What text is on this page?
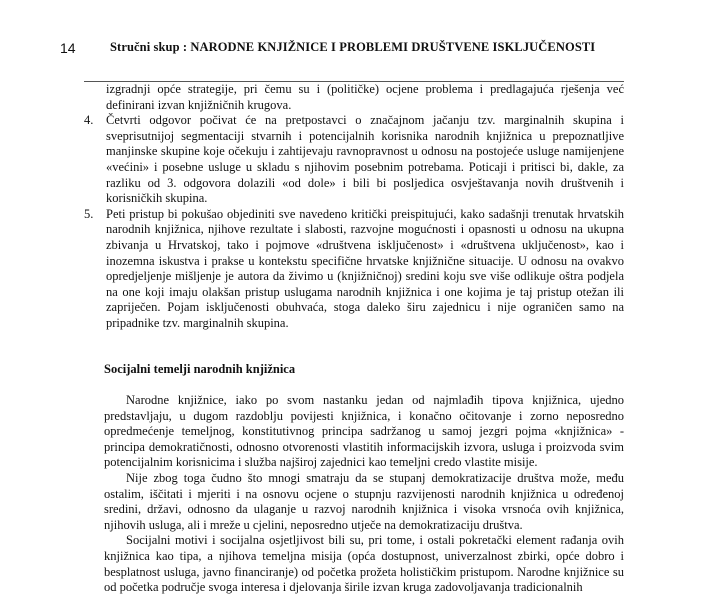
14	Stručni skup : NARODNE KNJIŽNICE I PROBLEMI DRUŠTVENE ISKLJUČENOSTI

izgradnji opće strategije, pri čemu su i (političke) ocjene problema i predlagajuća rješenja već definirani izvan knjižničnih krugova.

4.	Četvrti odgovor počivat će na pretpostavci o značajnom jačanju tzv. marginalnih skupina i sveprisutnijoj segmentaciji stvarnih i potencijalnih korisnika narodnih knjižnica u prepoznatljive manjinske skupine koje očekuju i zahtijevaju ravnopravnost u odnosu na postojeće usluge namijenjene «većini» i posebne usluge u skladu s njihovim posebnim potrebama. Poticaji i pritisci bi, dakle, za razliku od 3. odgovora dolazili «od dole» i bili bi posljedica osvještavanja novih društvenih i korisničkih skupina.
5.	Peti pristup bi pokušao objediniti sve navedeno kritički preispitujući, kako sadašnji trenutak hrvatskih narodnih knjižnica, njihove rezultate i slabosti, razvojne mogućnosti i opasnosti u odnosu na ukupna zbivanja u Hrvatskoj, tako i pojmove «društvena isključenost» i «društvena uključenost», kao i inozemna iskustva i prakse u kontekstu specifične hrvatske knjižnične situacije. U odnosu na ovakvo opredjeljenje mišljenje je autora da živimo u (knjižničnoj) sredini koju sve više odlikuje oštra podjela na one koji imaju olakšan pristup uslugama narodnih knjižnica i one kojima je taj pristup otežan ili zapriječen. Pojam isključenosti obuhvaća, stoga daleko širu zajednicu i nije ograničen samo na pripadnike tzv. marginalnih skupina.
Socijalni temelji narodnih knjižnica

Narodne knjižnice, iako po svom nastanku jedan od najmlađih tipova knjižnica, ujedno predstavljaju, u dugom razdoblju povijesti knjižnica, i konačno očitovanje i zorno neposredno opredmećenje temeljnog, konstitutivnog principa sadržanog u samoj jezgri pojma «knjižnica» - principa demokratičnosti, odnosno otvorenosti vlastitih informacijskih izvora, usluga i proizvoda svim potencijalnim korisnicima i služba najširoj zajednici kao temeljni credo vlastite misije.

Nije zbog toga čudno što mnogi smatraju da se stupanj demokratizacije društva može, među ostalim, iščitati i mjeriti i na osnovu ocjene o stupnju razvijenosti narodnih knjižnica u određenoj sredini, državi, odnosno da ulaganje u razvoj narodnih knjižnica i visoka vrsnoća ovih knjižnica, njihovih usluga, ali i mreže u cjelini, neposredno utječe na demokratizaciju društva.

Socijalni motivi i socijalna osjetljivost bili su, pri tome, i ostali pokretački element rađanja ovih knjižnica kao tipa, a njihova temeljna misija (opća dostupnost, univerzalnost zbirki, opće dobro i besplatnost usluga, javno financiranje) od početka prožeta holističkim pristupom. Narodne knjižnice su od početka područje svoga interesa i djelovanja širile izvan kruga zadovoljavanja tradicionalnih
